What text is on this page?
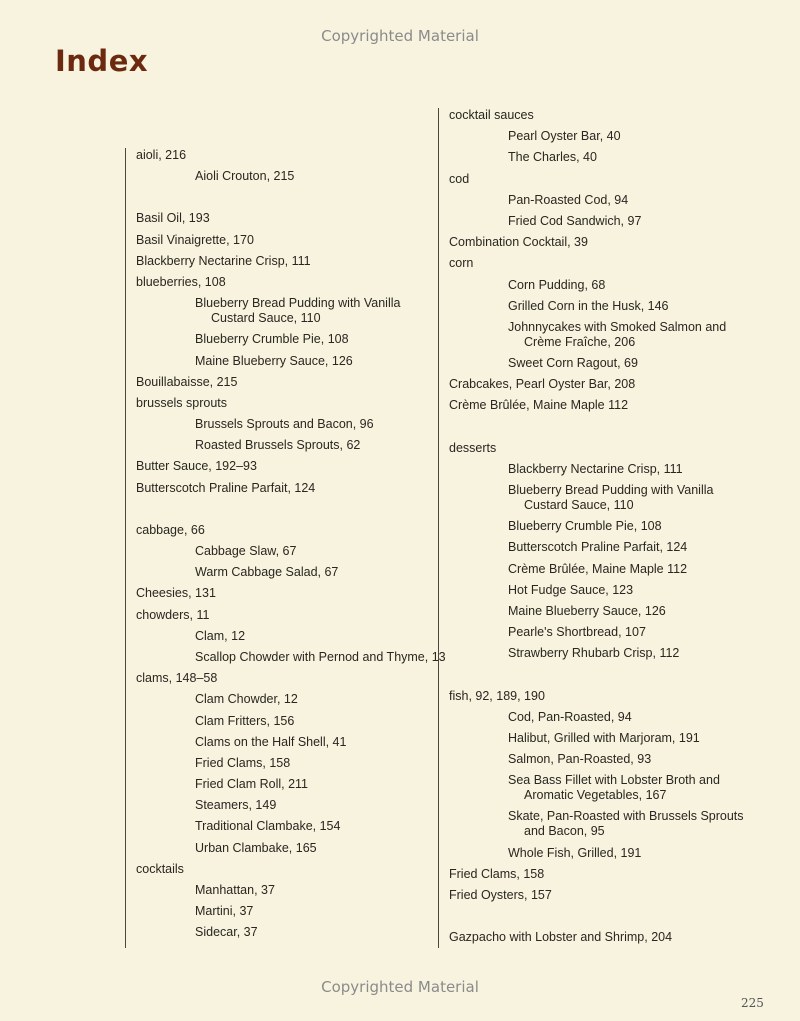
Copyrighted Material
Index
aioli, 216
Aioli Crouton, 215
Basil Oil, 193
Basil Vinaigrette, 170
Blackberry Nectarine Crisp, 111
blueberries, 108
Blueberry Bread Pudding with Vanilla
Custard Sauce, 110
Blueberry Crumble Pie, 108
Maine Blueberry Sauce, 126
Bouillabaisse, 215
brussels sprouts
Brussels Sprouts and Bacon, 96
Roasted Brussels Sprouts, 62
Butter Sauce, 192–93
Butterscotch Praline Parfait, 124
cabbage, 66
Cabbage Slaw, 67
Warm Cabbage Salad, 67
Cheesies, 131
chowders, 11
Clam, 12
Scallop Chowder with Pernod and Thyme, 13
clams, 148–58
Clam Chowder, 12
Clam Fritters, 156
Clams on the Half Shell, 41
Fried Clams, 158
Fried Clam Roll, 211
Steamers, 149
Traditional Clambake, 154
Urban Clambake, 165
cocktails
Manhattan, 37
Martini, 37
Sidecar, 37
cocktail sauces
Pearl Oyster Bar, 40
The Charles, 40
cod
Pan-Roasted Cod, 94
Fried Cod Sandwich, 97
Combination Cocktail, 39
corn
Corn Pudding, 68
Grilled Corn in the Husk, 146
Johnnycakes with Smoked Salmon and
Crème Fraîche, 206
Sweet Corn Ragout, 69
Crabcakes, Pearl Oyster Bar, 208
Crème Brûlée, Maine Maple 112
desserts
Blackberry Nectarine Crisp, 111
Blueberry Bread Pudding with Vanilla
Custard Sauce, 110
Blueberry Crumble Pie, 108
Butterscotch Praline Parfait, 124
Crème Brûlée, Maine Maple 112
Hot Fudge Sauce, 123
Maine Blueberry Sauce, 126
Pearle's Shortbread, 107
Strawberry Rhubarb Crisp, 112
fish, 92, 189, 190
Cod, Pan-Roasted, 94
Halibut, Grilled with Marjoram, 191
Salmon, Pan-Roasted, 93
Sea Bass Fillet with Lobster Broth and
Aromatic Vegetables, 167
Skate, Pan-Roasted with Brussels Sprouts
and Bacon, 95
Whole Fish, Grilled, 191
Fried Clams, 158
Fried Oysters, 157
Gazpacho with Lobster and Shrimp, 204
Copyrighted Material
225
